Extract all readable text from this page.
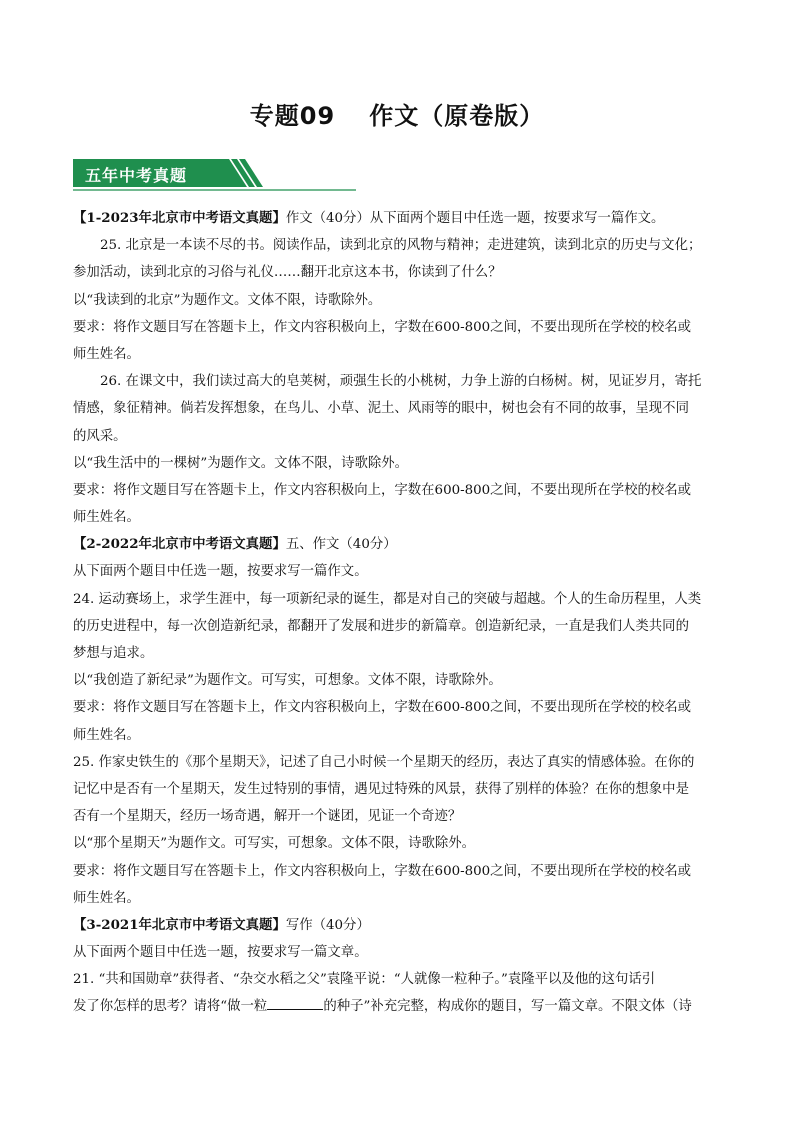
专题09 作文（原卷版）
五年中考真题
【1-2023年北京市中考语文真题】作文（40分）从下面两个题目中任选一题，按要求写一篇作文。
25. 北京是一本读不尽的书。阅读作品，读到北京的风物与精神；走进建筑，读到北京的历史与文化；
参加活动，读到北京的习俗与礼仪……翻开北京这本书，你读到了什么？
以“我读到的北京”为题作文。文体不限，诗歌除外。
要求：将作文题目写在答题卡上，作文内容积极向上，字数在600-800之间，不要出现所在学校的校名或
师生姓名。
26. 在课文中，我们读过高大的皂荚树，顽强生长的小桃树，力争上游的白杨树。树，见证岁月，寄托
情感，象征精神。倘若发挥想象，在鸟儿、小草、泥土、风雨等的眼中，树也会有不同的故事，呈现不同
的风采。
以“我生活中的一棵树”为题作文。文体不限，诗歌除外。
要求：将作文题目写在答题卡上，作文内容积极向上，字数在600-800之间，不要出现所在学校的校名或
师生姓名。
【2-2022年北京市中考语文真题】五、作文（40分）
从下面两个题目中任选一题，按要求写一篇作文。
24. 运动赛场上，求学生涯中，每一项新纪录的诞生，都是对自己的突破与超越。个人的生命历程里，人类
的历史进程中，每一次创造新纪录，都翻开了发展和进步的新篇章。创造新纪录，一直是我们人类共同的
梦想与追求。
以“我创造了新纪录”为题作文。可写实，可想象。文体不限，诗歌除外。
要求：将作文题目写在答题卡上，作文内容积极向上，字数在600-800之间，不要出现所在学校的校名或
师生姓名。
25. 作家史铁生的《那个星期天》，记述了自己小时候一个星期天的经历，表达了真实的情感体验。在你的
记忆中是否有一个星期天，发生过特别的事情，遇见过特殊的风景，获得了别样的体验？在你的想象中是
否有一个星期天，经历一场奇遇，解开一个谜团，见证一个奇迹？
以“那个星期天”为题作文。可写实，可想象。文体不限，诗歌除外。
要求：将作文题目写在答题卡上，作文内容积极向上，字数在600-800之间，不要出现所在学校的校名或
师生姓名。
【3-2021年北京市中考语文真题】写作（40分）
从下面两个题目中任选一题，按要求写一篇文章。
21. “共和国勋章”获得者、“杂交水稻之父”袁隆平说：“人就像一粒种子。”袁隆平以及他的这句话引
发了你怎样的思考？请将“做一粒	的种子”补充完整，构成你的题目，写一篇文章。不限文体（诗
